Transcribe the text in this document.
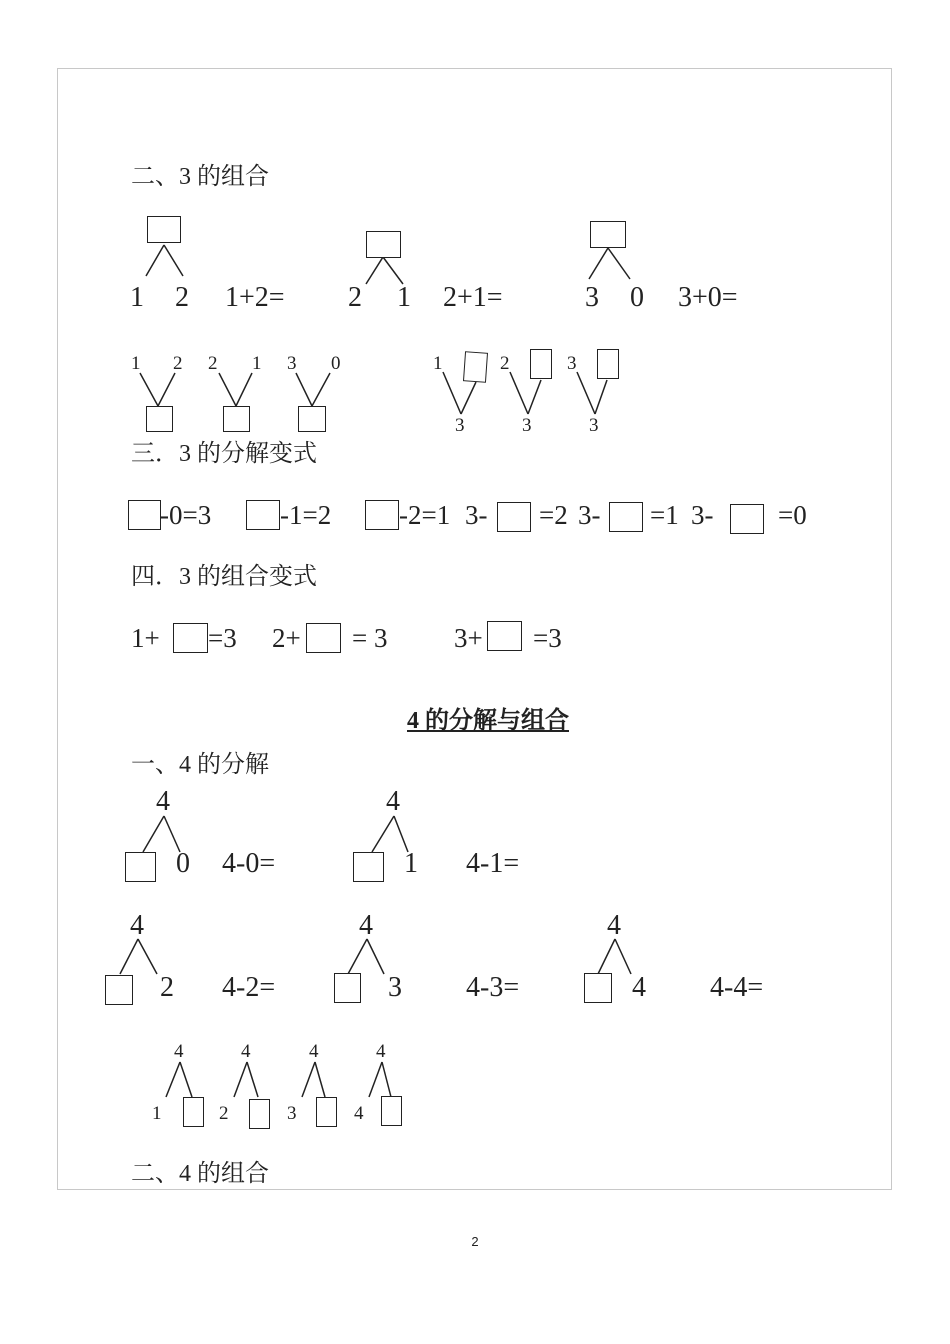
二、3 的组合
1 2 1+2= 2 1 2+1=	3 0 3+0=
1 2 2 1 3 0	1
3
2
3
3
3
三．3 的分解变式
-0=3	-1=2	-2=1 3- =2 3- =1 3- =0
四．3 的组合变式
1+ =3 2+ = 3 3+ =3
4 的分解与组合
一、4 的分解
4
0 4-0=
4
1 4-1=
4
2 4-2=
4
3 4-3=
4
4 4-4=
4
1
4
2
4
3
4
4
二、4 的组合
2
